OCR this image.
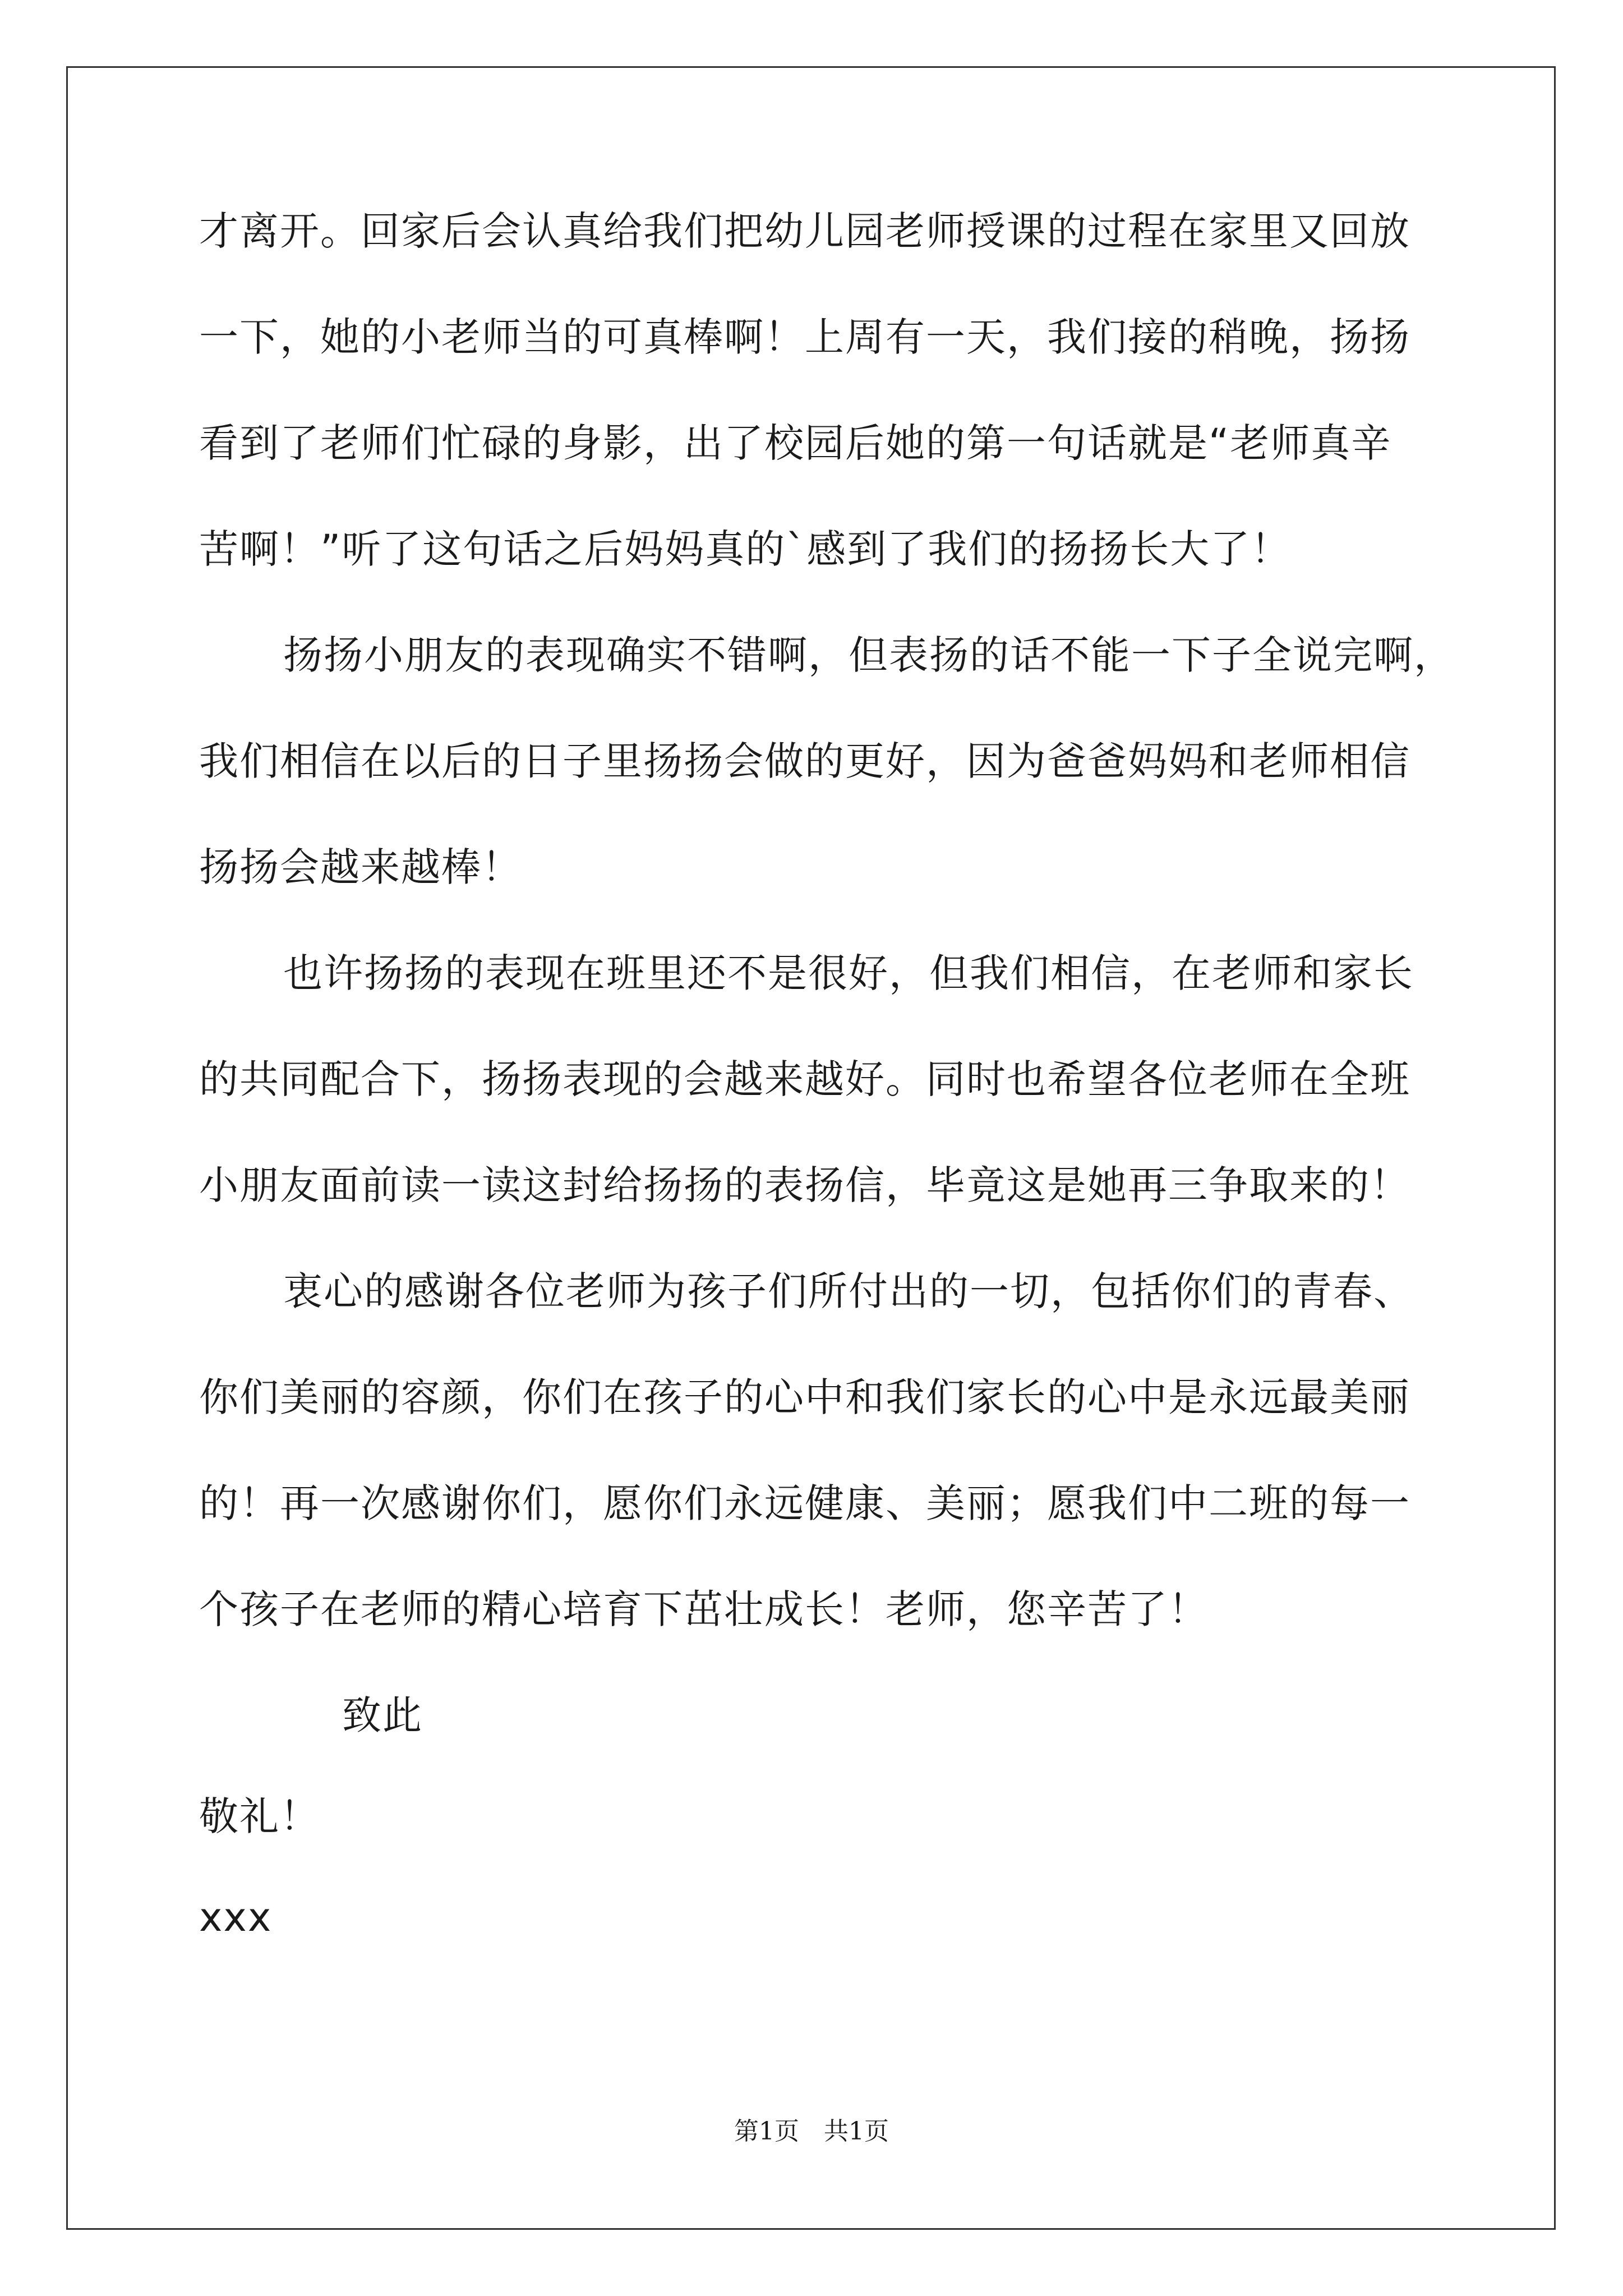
才离开。回家后会认真给我们把幼儿园老师授课的过程在家里又回放
一下，她的小老师当的可真棒啊！上周有一天，我们接的稍晚，扬扬
看到了老师们忙碌的身影，出了校园后她的第一句话就是“老师真辛
苦啊！”听了这句话之后妈妈真的`感到了我们的扬扬长大了！
扬扬小朋友的表现确实不错啊，但表扬的话不能一下子全说完啊，
我们相信在以后的日子里扬扬会做的更好，因为爸爸妈妈和老师相信
扬扬会越来越棒！
也许扬扬的表现在班里还不是很好，但我们相信，在老师和家长
的共同配合下，扬扬表现的会越来越好。同时也希望各位老师在全班
小朋友面前读一读这封给扬扬的表扬信，毕竟这是她再三争取来的！
衷心的感谢各位老师为孩子们所付出的一切，包括你们的青春、
你们美丽的容颜，你们在孩子的心中和我们家长的心中是永远最美丽
的！再一次感谢你们，愿你们永远健康、美丽；愿我们中二班的每一
个孩子在老师的精心培育下茁壮成长！老师，您辛苦了！
致此
敬礼！
xxx
第1页　共1页
